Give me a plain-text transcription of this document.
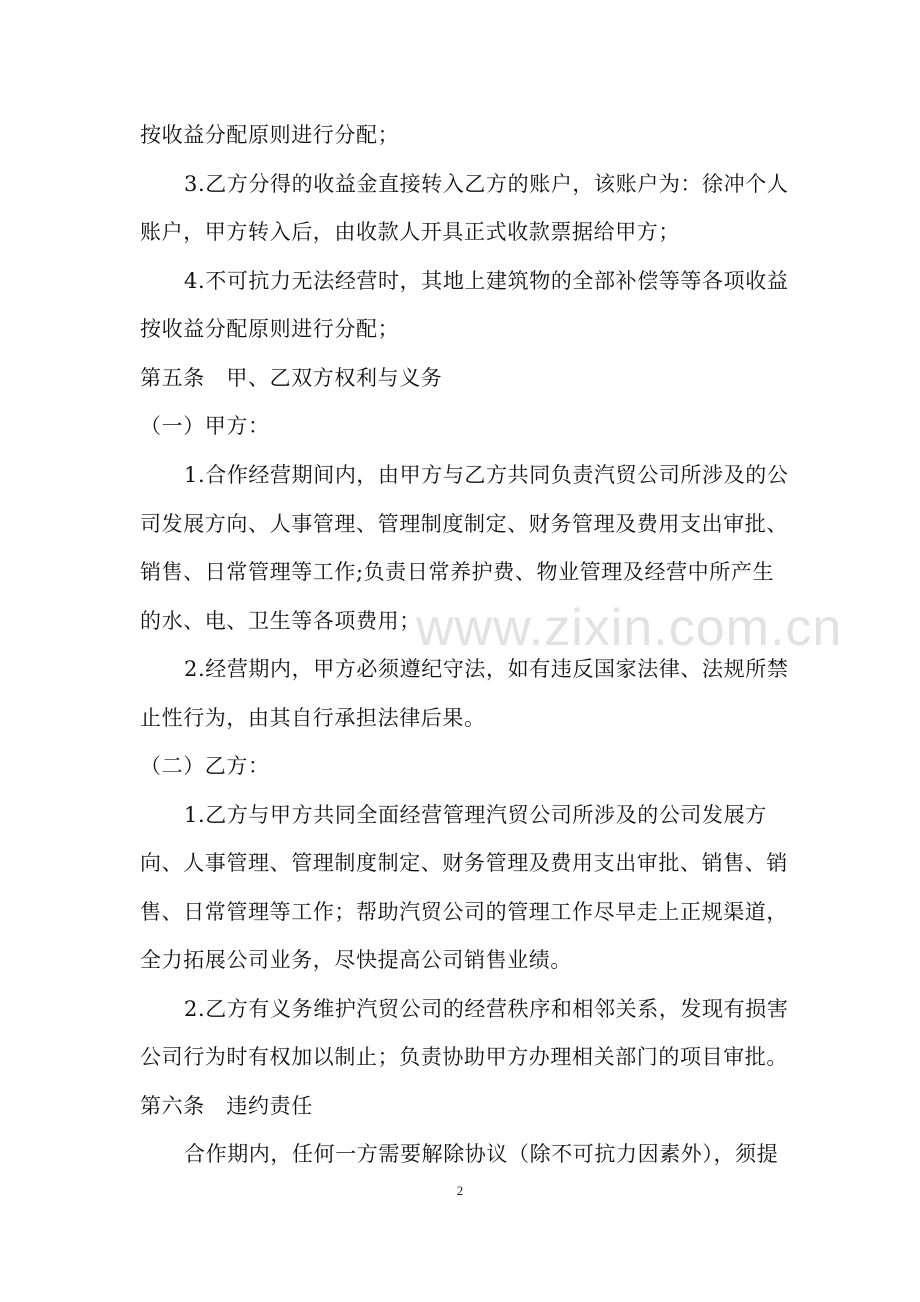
www.zixin.com.cn
按收益分配原则进行分配；
3.乙方分得的收益金直接转入乙方的账户，该账户为：徐冲个人
账户，甲方转入后，由收款人开具正式收款票据给甲方；
4.不可抗力无法经营时，其地上建筑物的全部补偿等等各项收益
按收益分配原则进行分配；
第五条　甲、乙双方权利与义务
（一）甲方：
1.合作经营期间内，由甲方与乙方共同负责汽贸公司所涉及的公
司发展方向、人事管理、管理制度制定、财务管理及费用支出审批、
销售、日常管理等工作;负责日常养护费、物业管理及经营中所产生
的水、电、卫生等各项费用；
2.经营期内，甲方必须遵纪守法，如有违反国家法律、法规所禁
止性行为，由其自行承担法律后果。
（二）乙方：
1.乙方与甲方共同全面经营管理汽贸公司所涉及的公司发展方
向、人事管理、管理制度制定、财务管理及费用支出审批、销售、销
售、日常管理等工作；帮助汽贸公司的管理工作尽早走上正规渠道，
全力拓展公司业务，尽快提高公司销售业绩。
2.乙方有义务维护汽贸公司的经营秩序和相邻关系，发现有损害
公司行为时有权加以制止；负责协助甲方办理相关部门的项目审批。
第六条　违约责任
合作期内，任何一方需要解除协议（除不可抗力因素外），须提
2
